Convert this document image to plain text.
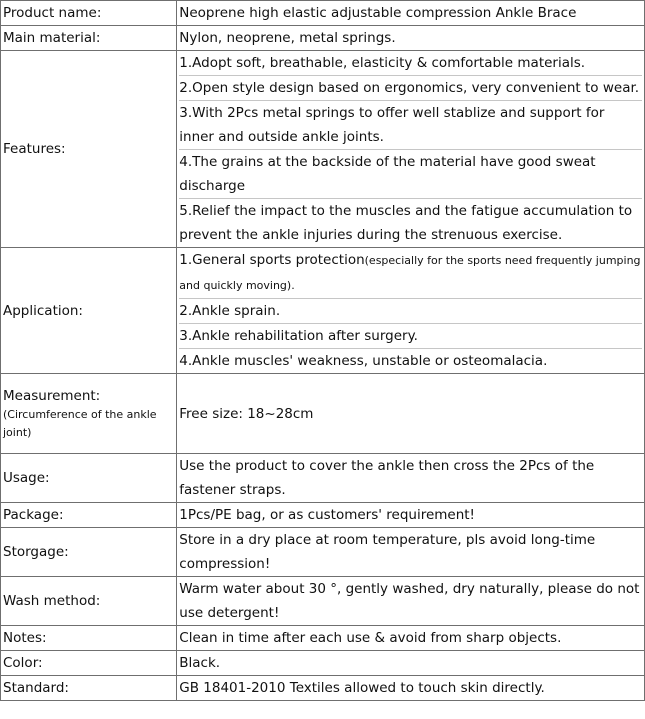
Product name:	Neoprene high elastic adjustable compression Ankle Brace
Main material:	Nylon, neoprene, metal springs.
Features:	1.Adopt soft, breathable, elasticity & comfortable materials.
2.Open style design based on ergonomics, very convenient to wear.
3.With 2Pcs metal springs to offer well stablize and support for inner and outside ankle joints.
4.The grains at the backside of the material have good sweat discharge
5.Relief the impact to the muscles and the fatigue accumulation to prevent the ankle injuries during the strenuous exercise.

Application:	1.General sports protection(especially for the sports need frequently jumping and quickly moving).
2.Ankle sprain.
3.Ankle rehabilitation after surgery.
4.Ankle muscles' weakness, unstable or osteomalacia.

Measurement:
(Circumference of the ankle joint)	Free size: 18~28cm
Usage:	Use the product to cover the ankle then cross the 2Pcs of the fastener straps.
Package:	1Pcs/PE bag, or as customers' requirement!
Storgage:	Store in a dry place at room temperature, pls avoid long-time compression!
Wash method:	Warm water about 30 °, gently washed, dry naturally, please do not use detergent!
Notes:	Clean in time after each use & avoid from sharp objects.
Color:	Black.
Standard:	GB 18401-2010 Textiles allowed to touch skin directly.
